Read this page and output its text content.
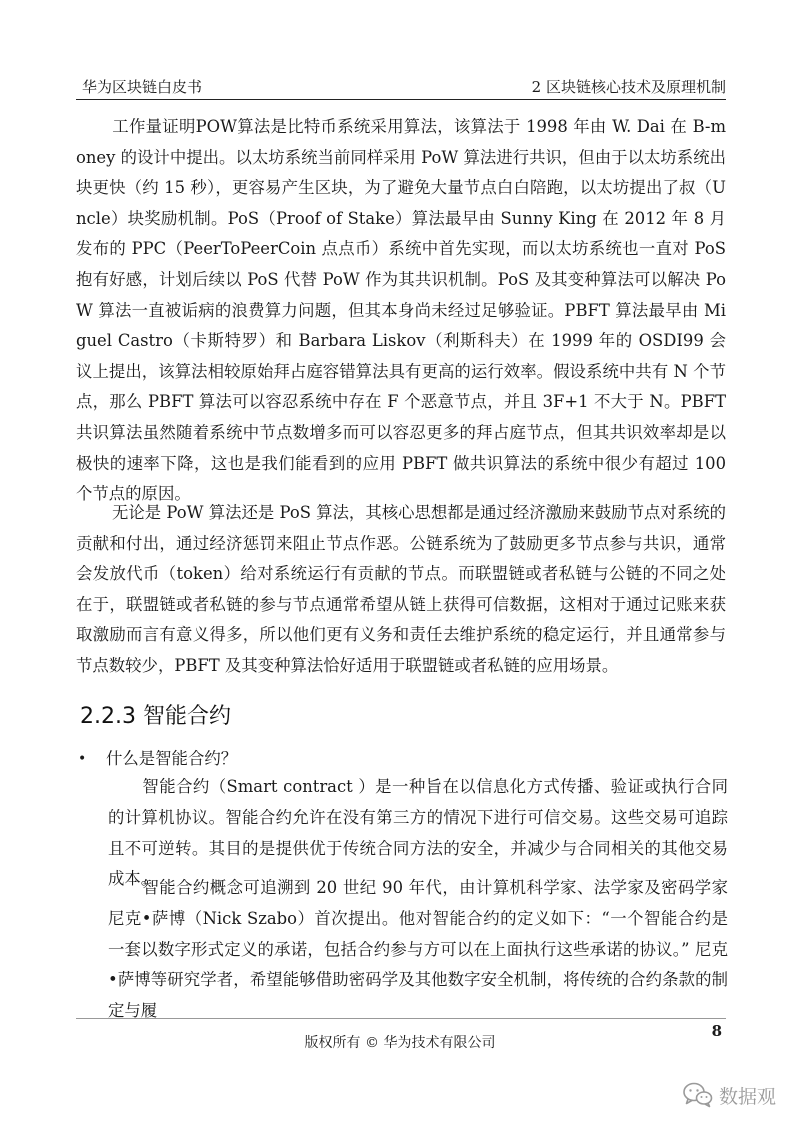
华为区块链白皮书	2 区块链核心技术及原理机制
工作量证明POW算法是比特币系统采用算法，该算法于 1998 年由 W. Dai 在 B-money 的设计中提出。以太坊系统当前同样采用 PoW 算法进行共识，但由于以太坊系统出块更快（约 15 秒），更容易产生区块，为了避免大量节点白白陪跑，以太坊提出了叔（Uncle）块奖励机制。PoS（Proof of Stake）算法最早由 Sunny King 在 2012 年 8 月发布的 PPC（PeerToPeerCoin 点点币）系统中首先实现，而以太坊系统也一直对 PoS 抱有好感，计划后续以 PoS 代替 PoW 作为其共识机制。PoS 及其变种算法可以解决 PoW 算法一直被诟病的浪费算力问题，但其本身尚未经过足够验证。PBFT 算法最早由 Miguel Castro（卡斯特罗）和 Barbara Liskov（利斯科夫）在 1999 年的 OSDI99 会议上提出，该算法相较原始拜占庭容错算法具有更高的运行效率。假设系统中共有 N 个节点，那么 PBFT 算法可以容忍系统中存在 F 个恶意节点，并且 3F+1 不大于 N。PBFT 共识算法虽然随着系统中节点数增多而可以容忍更多的拜占庭节点，但其共识效率却是以极快的速率下降，这也是我们能看到的应用 PBFT 做共识算法的系统中很少有超过 100 个节点的原因。
无论是 PoW 算法还是 PoS 算法，其核心思想都是通过经济激励来鼓励节点对系统的贡献和付出，通过经济惩罚来阻止节点作恶。公链系统为了鼓励更多节点参与共识，通常会发放代币（token）给对系统运行有贡献的节点。而联盟链或者私链与公链的不同之处在于，联盟链或者私链的参与节点通常希望从链上获得可信数据，这相对于通过记账来获取激励而言有意义得多，所以他们更有义务和责任去维护系统的稳定运行，并且通常参与节点数较少，PBFT 及其变种算法恰好适用于联盟链或者私链的应用场景。
2.2.3 智能合约
• 什么是智能合约？
智能合约（Smart contract ）是一种旨在以信息化方式传播、验证或执行合同的计算机协议。智能合约允许在没有第三方的情况下进行可信交易。这些交易可追踪且不可逆转。其目的是提供优于传统合同方法的安全，并减少与合同相关的其他交易成本。
智能合约概念可追溯到 20 世纪 90 年代，由计算机科学家、法学家及密码学家尼克•萨博（Nick Szabo）首次提出。他对智能合约的定义如下：“一个智能合约是一套以数字形式定义的承诺，包括合约参与方可以在上面执行这些承诺的协议。” 尼克•萨博等研究学者，希望能够借助密码学及其他数字安全机制，将传统的合约条款的制定与履
8
版权所有 © 华为技术有限公司
数据观
